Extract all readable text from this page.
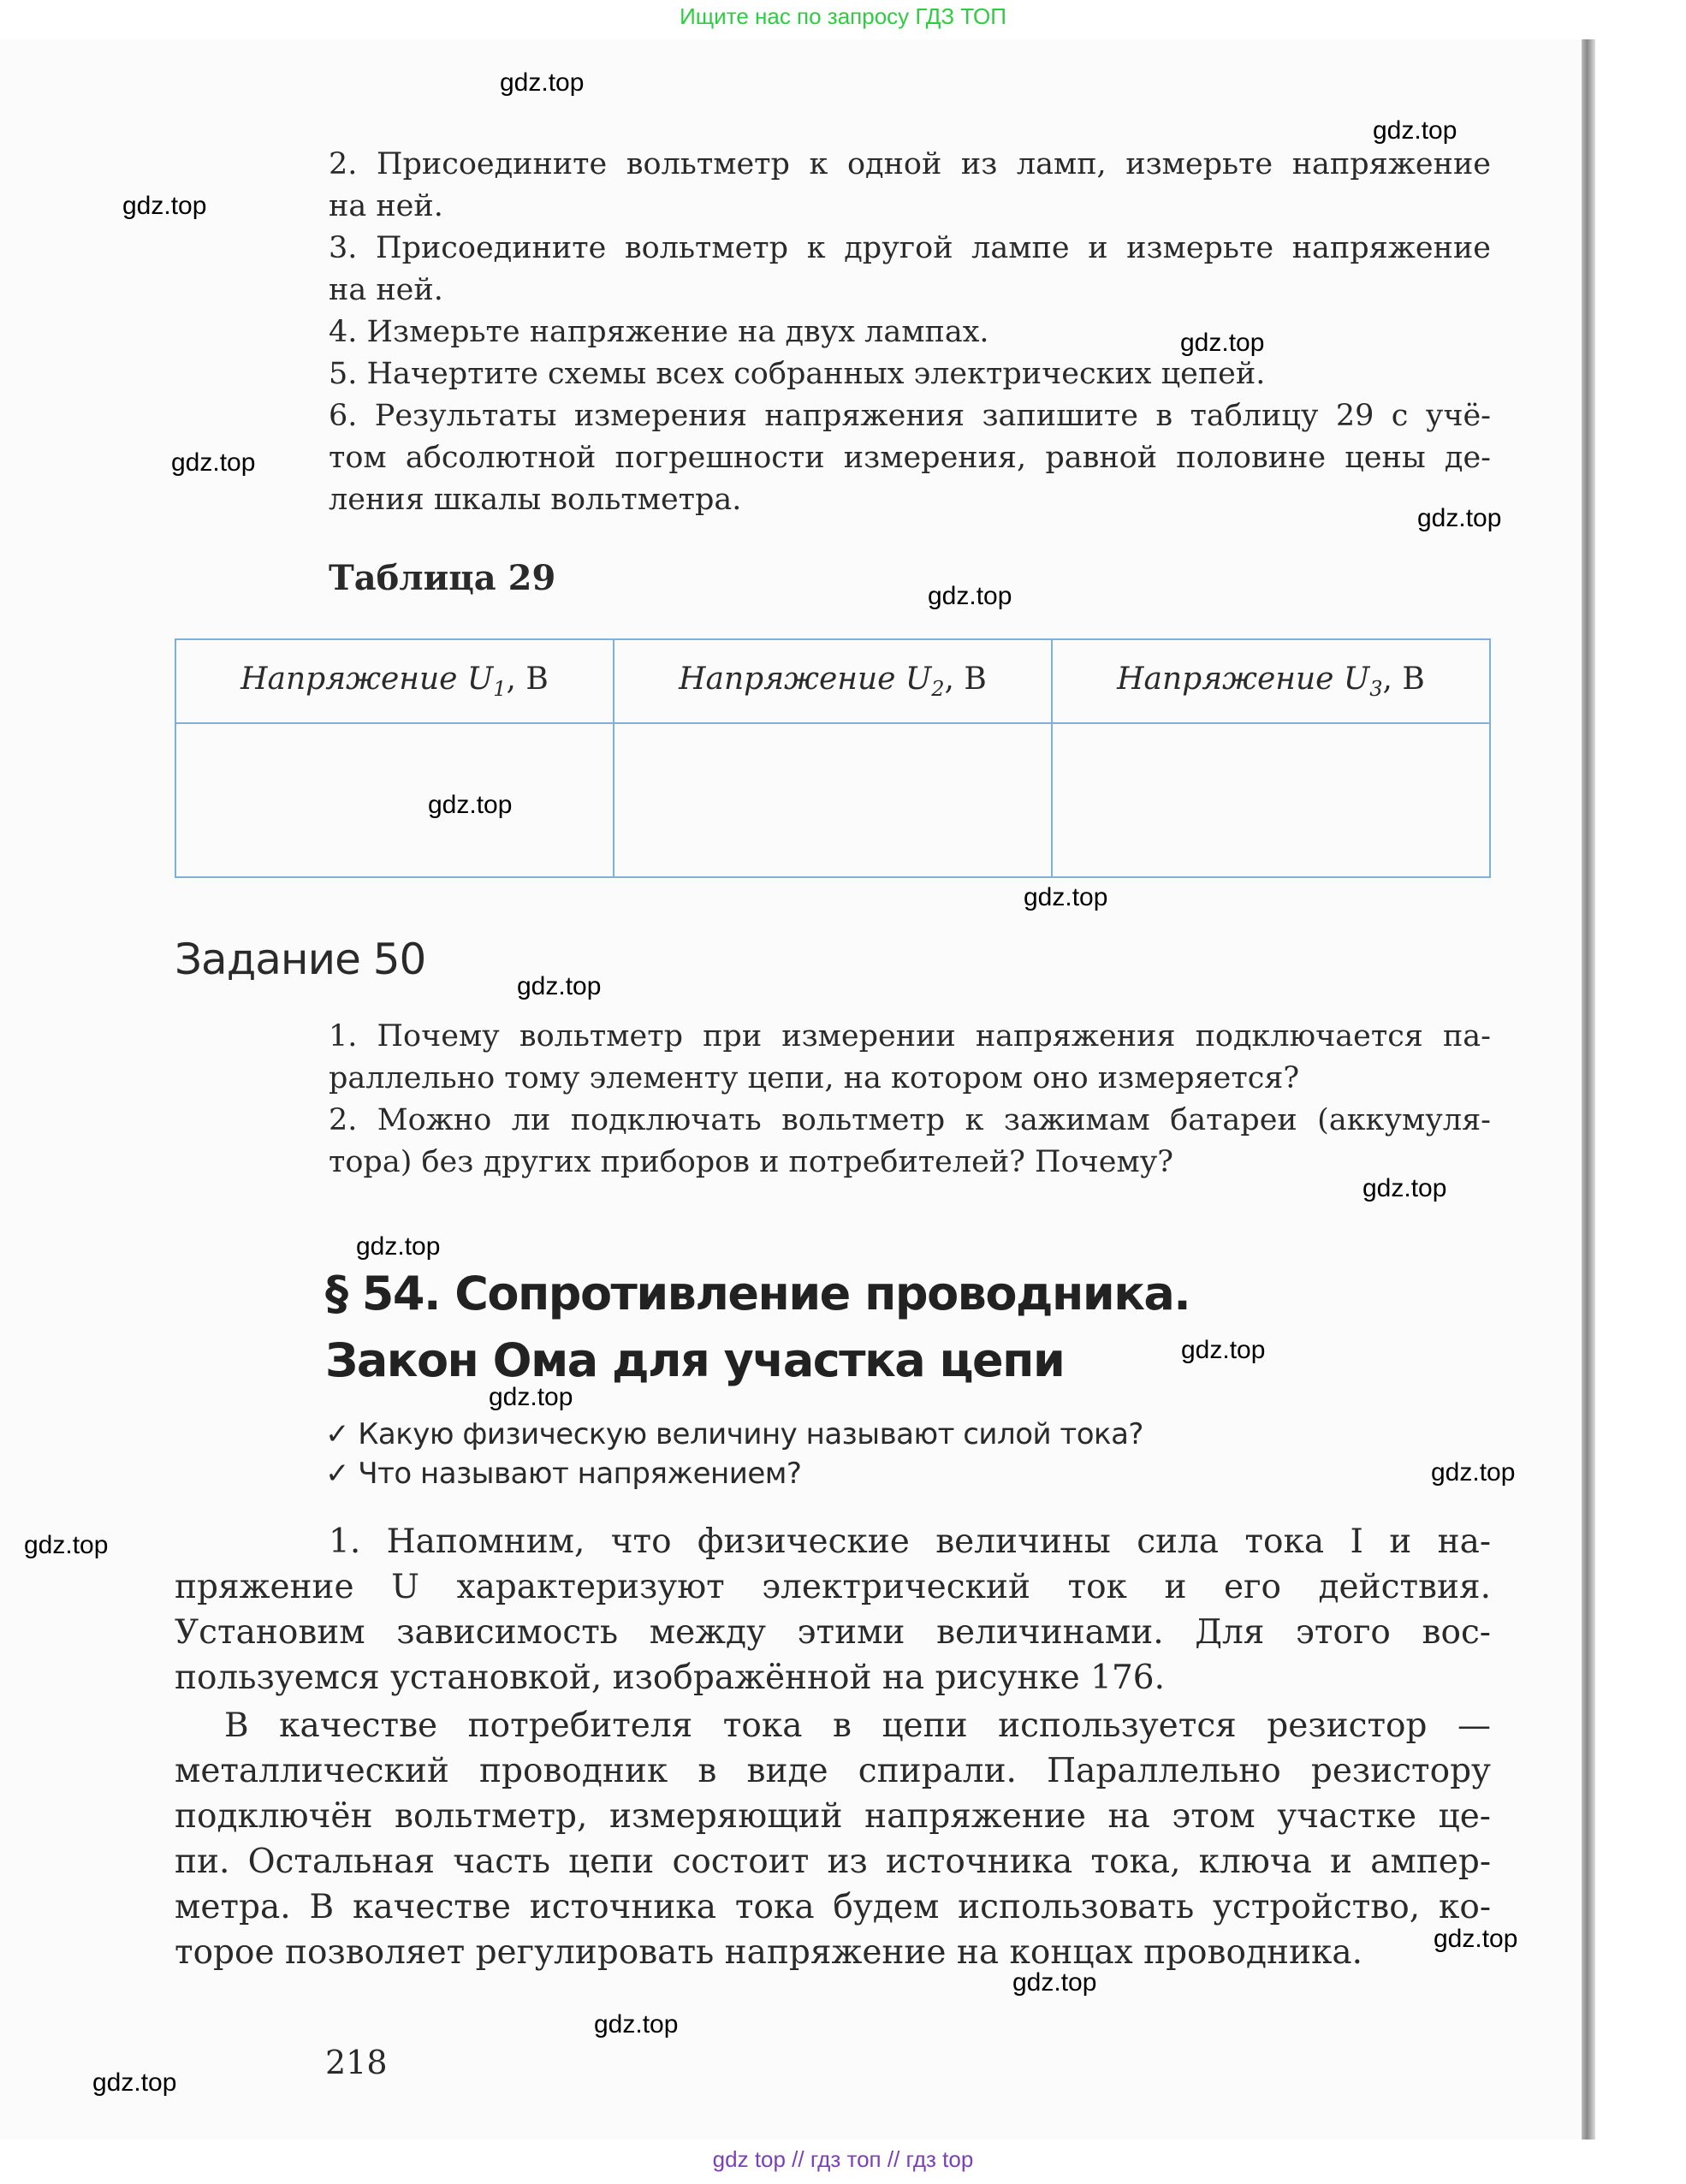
Ищите нас по запросу ГДЗ ТОП
2. Присоедините вольтметр к одной из ламп, измерьте напряжение
на ней.
3. Присоедините вольтметр к другой лампе и измерьте напряжение
на ней.
4. Измерьте напряжение на двух лампах.
5. Начертите схемы всех собранных электрических цепей.
6. Результаты измерения напряжения запишите в таблицу 29 с учё-
том абсолютной погрешности измерения, равной половине цены де-
ления шкалы вольтметра.
Таблица 29
Напряжение $U_1$, В	Напряжение $U_2$, В	Напряжение $U_3$, В

Задание 50
1. Почему вольтметр при измерении напряжения подключается па-
раллельно тому элементу цепи, на котором оно измеряется?
2. Можно ли подключать вольтметр к зажимам батареи (аккумуля-
тора) без других приборов и потребителей? Почему?
§ 54. Сопротивление проводника.
Закон Ома для участка цепи
✓ Какую физическую величину называют силой тока?
✓ Что называют напряжением?
1. Напомним, что физические величины сила тока I и на-
пряжение U характеризуют электрический ток и его действия.
Установим зависимость между этими величинами. Для этого вос-
пользуемся установкой, изображённой на рисунке 176.
В качестве потребителя тока в цепи используется резистор —
металлический проводник в виде спирали. Параллельно резистору
подключён вольтметр, измеряющий напряжение на этом участке це-
пи. Остальная часть цепи состоит из источника тока, ключа и ампер-
метра. В качестве источника тока будем использовать устройство, ко-
торое позволяет регулировать напряжение на концах проводника.
218
gdz.top
gdz.top
gdz.top
gdz.top
gdz.top
gdz.top
gdz.top
gdz.top
gdz.top
gdz.top
gdz.top
gdz.top
gdz.top
gdz.top
gdz.top
gdz.top
gdz.top
gdz.top
gdz.top
gdz.top
gdz top // гдз топ // гдз top
